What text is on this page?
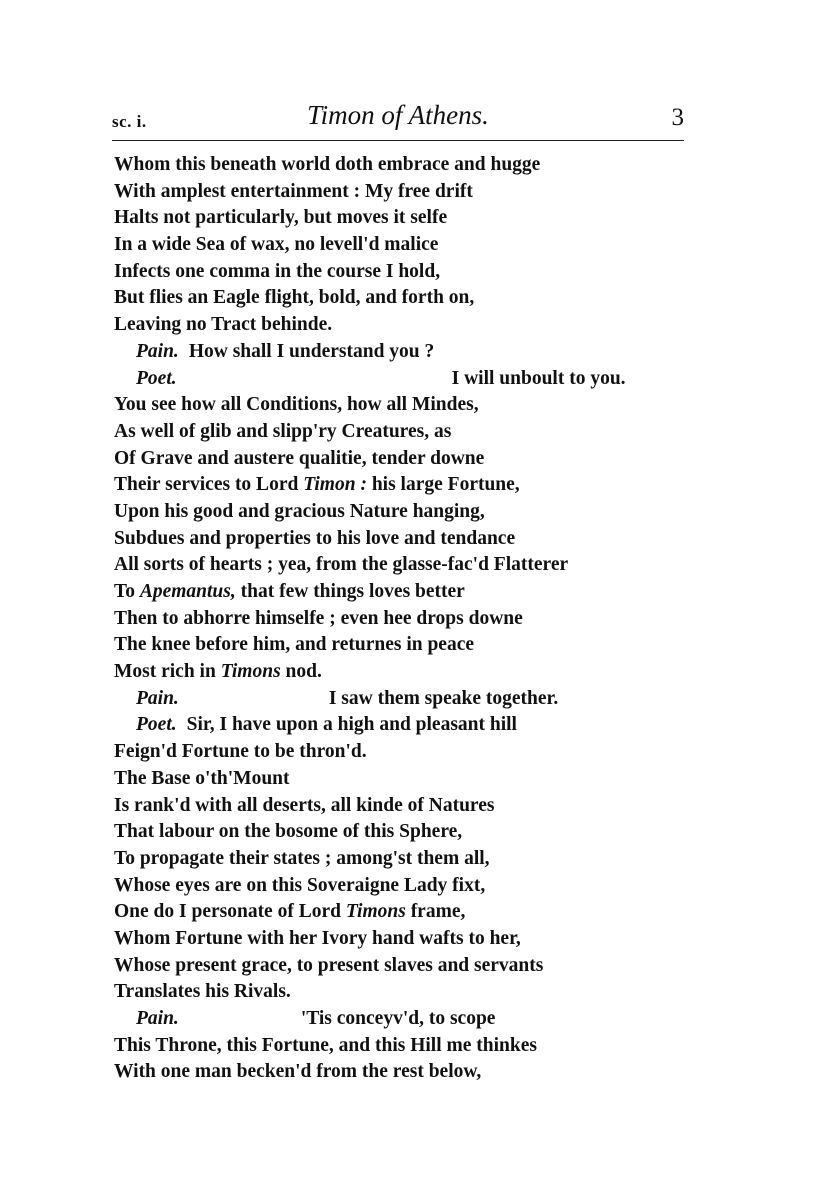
sc. i.	Timon of Athens.	3
Whom this beneath world doth embrace and hugge
With amplest entertainment : My free drift
Halts not particularly, but moves it selfe
In a wide Sea of wax, no levell'd malice
Infects one comma in the course I hold,
But flies an Eagle flight, bold, and forth on,
Leaving no Tract behinde.
Pain. How shall I understand you ?
Poet.	I will unboult to you.
You see how all Conditions, how all Mindes,
As well of glib and slipp'ry Creatures, as
Of Grave and austere qualitie, tender downe
Their services to Lord Timon : his large Fortune,
Upon his good and gracious Nature hanging,
Subdues and properties to his love and tendance
All sorts of hearts ; yea, from the glasse-fac'd Flatterer
To Apemantus, that few things loves better
Then to abhorre himselfe ; even hee drops downe
The knee before him, and returnes in peace
Most rich in Timons nod.
Pain.	I saw them speake together.
Poet. Sir, I have upon a high and pleasant hill
Feign'd Fortune to be thron'd.
The Base o'th'Mount
Is rank'd with all deserts, all kinde of Natures
That labour on the bosome of this Sphere,
To propagate their states ; among'st them all,
Whose eyes are on this Soveraigne Lady fixt,
One do I personate of Lord Timons frame,
Whom Fortune with her Ivory hand wafts to her,
Whose present grace, to present slaves and servants
Translates his Rivals.
Pain.	'Tis conceyv'd, to scope
This Throne, this Fortune, and this Hill me thinkes
With one man becken'd from the rest below,
